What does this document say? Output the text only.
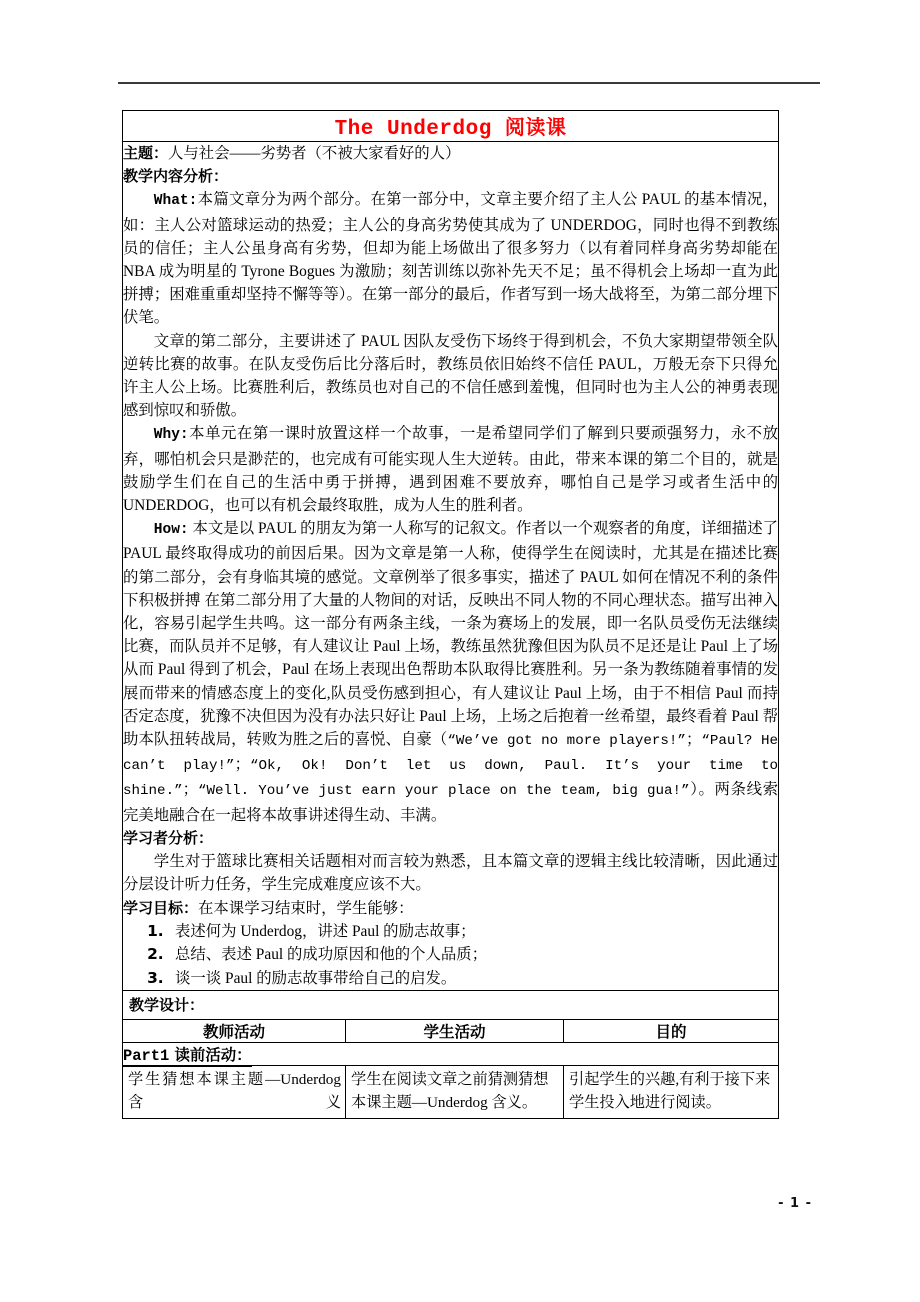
The Underdog 阅读课		

主题：人与社会——劣势者（不被大家看好的人）

教学内容分析：

What:本篇文章分为两个部分。在第一部分中，文章主要介绍了主人公 PAUL 的基本情况，如：主人公对篮球运动的热爱；主人公的身高劣势使其成为了 UNDERDOG，同时也得不到教练员的信任；主人公虽身高有劣势，但却为能上场做出了很多努力（以有着同样身高劣势却能在 NBA 成为明星的 Tyrone Bogues 为激励；刻苦训练以弥补先天不足；虽不得机会上场却一直为此拼搏；困难重重却坚持不懈等等）。在第一部分的最后，作者写到一场大战将至，为第二部分埋下伏笔。

文章的第二部分，主要讲述了 PAUL 因队友受伤下场终于得到机会，不负大家期望带领全队逆转比赛的故事。在队友受伤后比分落后时，教练员依旧始终不信任 PAUL，万般无奈下只得允许主人公上场。比赛胜利后，教练员也对自己的不信任感到羞愧，但同时也为主人公的神勇表现感到惊叹和骄傲。

Why:本单元在第一课时放置这样一个故事，一是希望同学们了解到只要顽强努力，永不放弃，哪怕机会只是渺茫的，也完成有可能实现人生大逆转。由此，带来本课的第二个目的，就是鼓励学生们在自己的生活中勇于拼搏，遇到困难不要放弃，哪怕自己是学习或者生活中的 UNDERDOG，也可以有机会最终取胜，成为人生的胜利者。

How: 本文是以 PAUL 的朋友为第一人称写的记叙文。作者以一个观察者的角度，详细描述了 PAUL 最终取得成功的前因后果。因为文章是第一人称，使得学生在阅读时，尤其是在描述比赛的第二部分，会有身临其境的感觉。文章例举了很多事实，描述了 PAUL 如何在情况不利的条件下积极拼搏 在第二部分用了大量的人物间的对话，反映出不同人物的不同心理状态。描写出神入化，容易引起学生共鸣。这一部分有两条主线，一条为赛场上的发展，即一名队员受伤无法继续比赛，而队员并不足够，有人建议让 Paul 上场，教练虽然犹豫但因为队员不足还是让 Paul 上了场从而 Paul 得到了机会，Paul 在场上表现出色帮助本队取得比赛胜利。另一条为教练随着事情的发展而带来的情感态度上的变化,队员受伤感到担心，有人建议让 Paul 上场，由于不相信 Paul 而持否定态度，犹豫不决但因为没有办法只好让 Paul 上场，上场之后抱着一丝希望，最终看着 Paul 帮助本队扭转战局，转败为胜之后的喜悦、自豪（“We’ve got no more players!”；“Paul? He can’t play!”；“Ok, Ok! Don’t let us down, Paul. It’s your time to shine.”；“Well. You’ve just earn your place on the team, big gua!”）。两条线索完美地融合在一起将本故事讲述得生动、丰满。

学习者分析：

学生对于篮球比赛相关话题相对而言较为熟悉，且本篇文章的逻辑主线比较清晰，因此通过分层设计听力任务，学生完成难度应该不大。

学习目标：在本课学习结束时，学生能够：

1. 表述何为 Underdog，讲述 Paul 的励志故事；
2. 总结、表述 Paul 的成功原因和他的个人品质；
3. 谈一谈 Paul 的励志故事带给自己的启发。

教学设计：		
教师活动	学生活动	目的
Part1 读前活动：		
学生猜想本课主题—Underdog 含义	学生在阅读文章之前猜测猜想本课主题—Underdog 含义。	引起学生的兴趣,有利于接下来学生投入地进行阅读。
- 1 -
